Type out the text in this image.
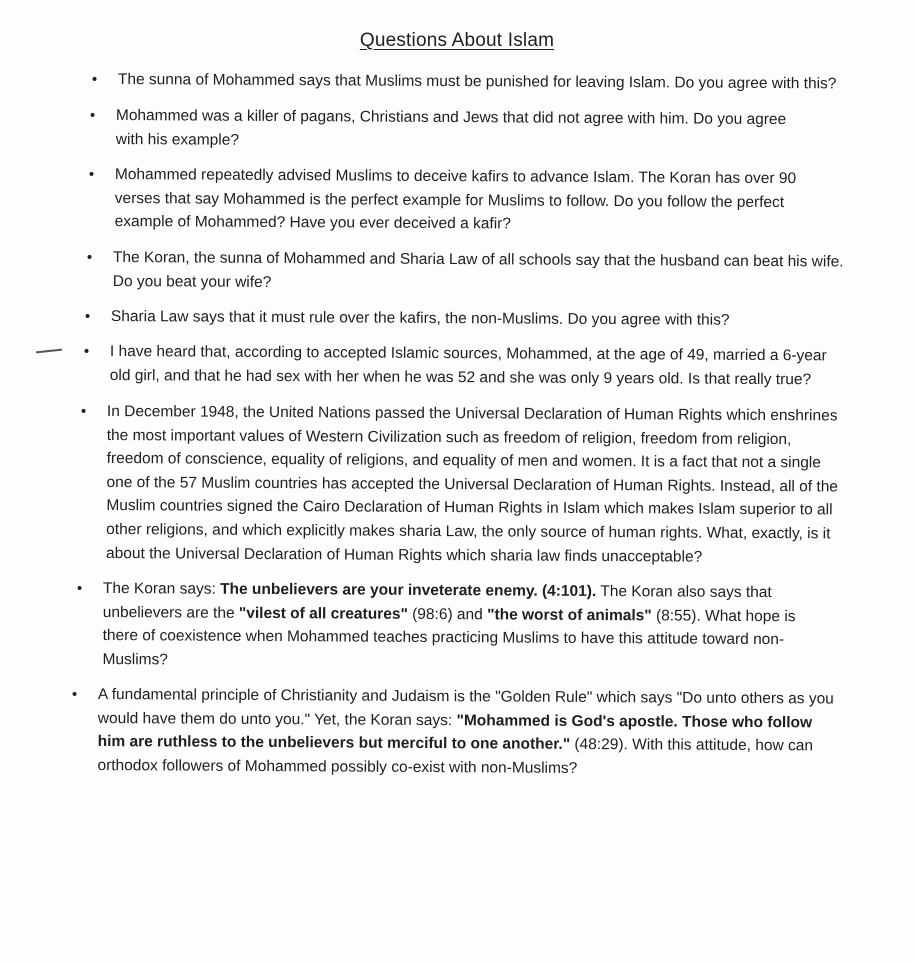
Questions About Islam
• The sunna of Mohammed says that Muslims must be punished for leaving Islam. Do you agree with this?
• Mohammed was a killer of pagans, Christians and Jews that did not agree with him. Do you agree with his example?
• Mohammed repeatedly advised Muslims to deceive kafirs to advance Islam. The Koran has over 90 verses that say Mohammed is the perfect example for Muslims to follow. Do you follow the perfect example of Mohammed? Have you ever deceived a kafir?
• The Koran, the sunna of Mohammed and Sharia Law of all schools say that the husband can beat his wife. Do you beat your wife?
• Sharia Law says that it must rule over the kafirs, the non-Muslims. Do you agree with this?
• I have heard that, according to accepted Islamic sources, Mohammed, at the age of 49, married a 6-year old girl, and that he had sex with her when he was 52 and she was only 9 years old. Is that really true?
• In December 1948, the United Nations passed the Universal Declaration of Human Rights which enshrines the most important values of Western Civilization such as freedom of religion, freedom from religion, freedom of conscience, equality of religions, and equality of men and women. It is a fact that not a single one of the 57 Muslim countries has accepted the Universal Declaration of Human Rights. Instead, all of the Muslim countries signed the Cairo Declaration of Human Rights in Islam which makes Islam superior to all other religions, and which explicitly makes sharia Law, the only source of human rights. What, exactly, is it about the Universal Declaration of Human Rights which sharia law finds unacceptable?
• The Koran says: The unbelievers are your inveterate enemy. (4:101). The Koran also says that unbelievers are the "vilest of all creatures" (98:6) and "the worst of animals" (8:55). What hope is there of coexistence when Mohammed teaches practicing Muslims to have this attitude toward non-Muslims?
• A fundamental principle of Christianity and Judaism is the "Golden Rule" which says "Do unto others as you would have them do unto you." Yet, the Koran says: "Mohammed is God's apostle. Those who follow him are ruthless to the unbelievers but merciful to one another." (48:29). With this attitude, how can orthodox followers of Mohammed possibly co-exist with non-Muslims?
